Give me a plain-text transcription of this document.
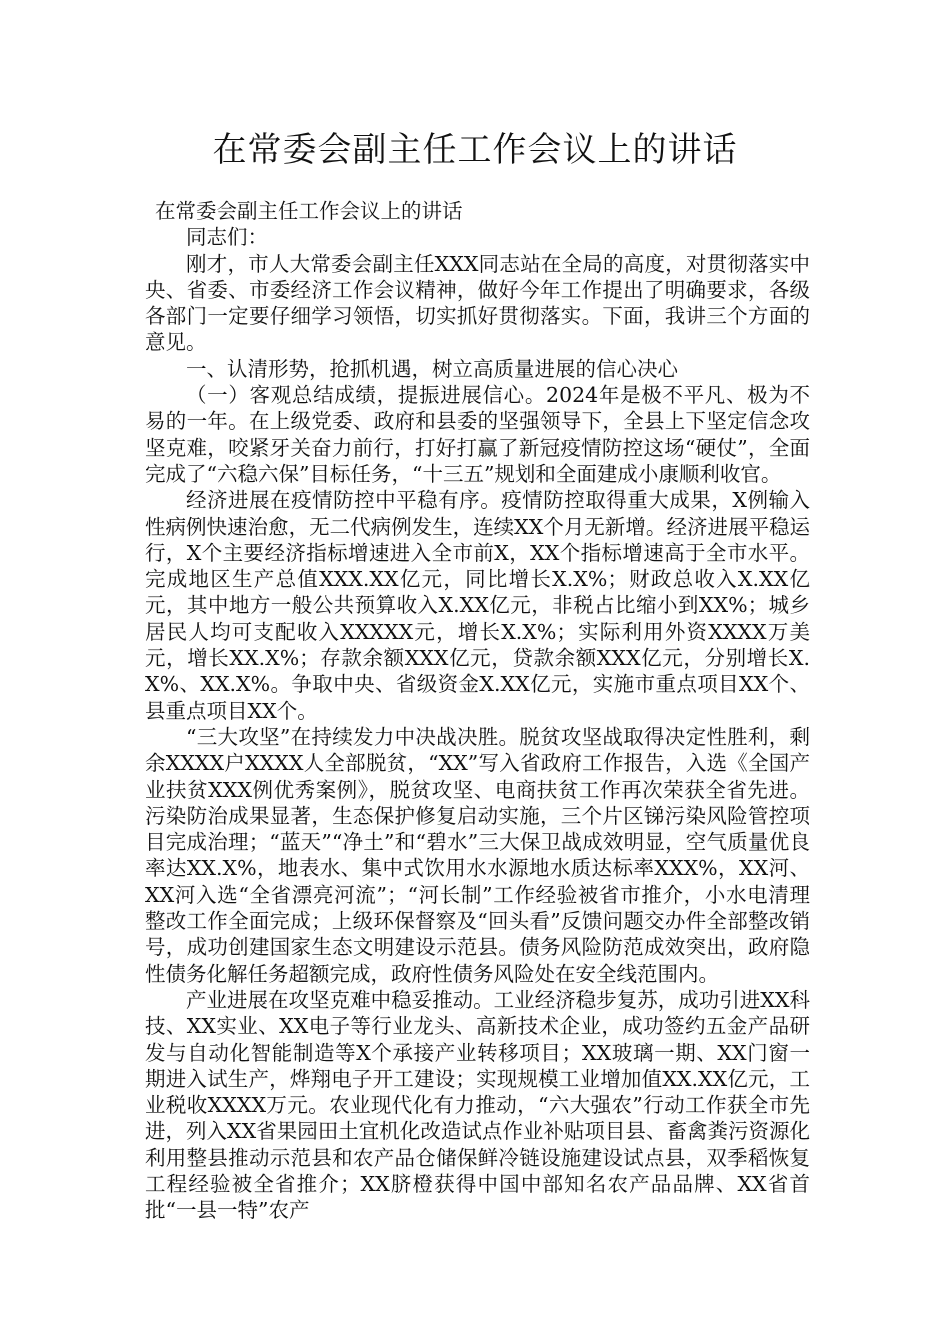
在常委会副主任工作会议上的讲话

在常委会副主任工作会议上的讲话

同志们：

刚才，市人大常委会副主任XXX同志站在全局的高度，对贯彻落实中央、省委、市委经济工作会议精神，做好今年工作提出了明确要求，各级各部门一定要仔细学习领悟，切实抓好贯彻落实。下面，我讲三个方面的意见。

一、认清形势，抢抓机遇，树立高质量进展的信心决心

（一）客观总结成绩，提振进展信心。2024年是极不平凡、极为不易的一年。在上级党委、政府和县委的坚强领导下，全县上下坚定信念攻坚克难，咬紧牙关奋力前行，打好打赢了新冠疫情防控这场“硬仗”，全面完成了“六稳六保”目标任务，“十三五”规划和全面建成小康顺利收官。

经济进展在疫情防控中平稳有序。疫情防控取得重大成果，X例输入性病例快速治愈，无二代病例发生，连续XX个月无新增。经济进展平稳运行，X个主要经济指标增速进入全市前X，XX个指标增速高于全市水平。完成地区生产总值XXX.XX亿元，同比增长X.X%；财政总收入X.XX亿元，其中地方一般公共预算收入X.XX亿元，非税占比缩小到XX%；城乡居民人均可支配收入XXXXX元，增长X.X%；实际利用外资XXXX万美元，增长XX.X%；存款余额XXX亿元，贷款余额XXX亿元，分别增长X.X%、XX.X%。争取中央、省级资金X.XX亿元，实施市重点项目XX个、县重点项目XX个。

“三大攻坚”在持续发力中决战决胜。脱贫攻坚战取得决定性胜利，剩余XXXX户XXXX人全部脱贫，“XX”写入省政府工作报告，入选《全国产业扶贫XXX例优秀案例》，脱贫攻坚、电商扶贫工作再次荣获全省先进。污染防治成果显著，生态保护修复启动实施，三个片区锑污染风险管控项目完成治理；“蓝天”“净土”和“碧水”三大保卫战成效明显，空气质量优良率达XX.X%，地表水、集中式饮用水水源地水质达标率XXX%，XX河、XX河入选“全省漂亮河流”；“河长制”工作经验被省市推介，小水电清理整改工作全面完成；上级环保督察及“回头看”反馈问题交办件全部整改销号，成功创建国家生态文明建设示范县。债务风险防范成效突出，政府隐性债务化解任务超额完成，政府性债务风险处在安全线范围内。

产业进展在攻坚克难中稳妥推动。工业经济稳步复苏，成功引进XX科技、XX实业、XX电子等行业龙头、高新技术企业，成功签约五金产品研发与自动化智能制造等X个承接产业转移项目；XX玻璃一期、XX门窗一期进入试生产，烨翔电子开工建设；实现规模工业增加值XX.XX亿元，工业税收XXXX万元。农业现代化有力推动，“六大强农”行动工作获全市先进，列入XX省果园田土宜机化改造试点作业补贴项目县、畜禽粪污资源化利用整县推动示范县和农产品仓储保鲜冷链设施建设试点县，双季稻恢复工程经验被全省推介；XX脐橙获得中国中部知名农产品品牌、XX省首批“一县一特”农产
